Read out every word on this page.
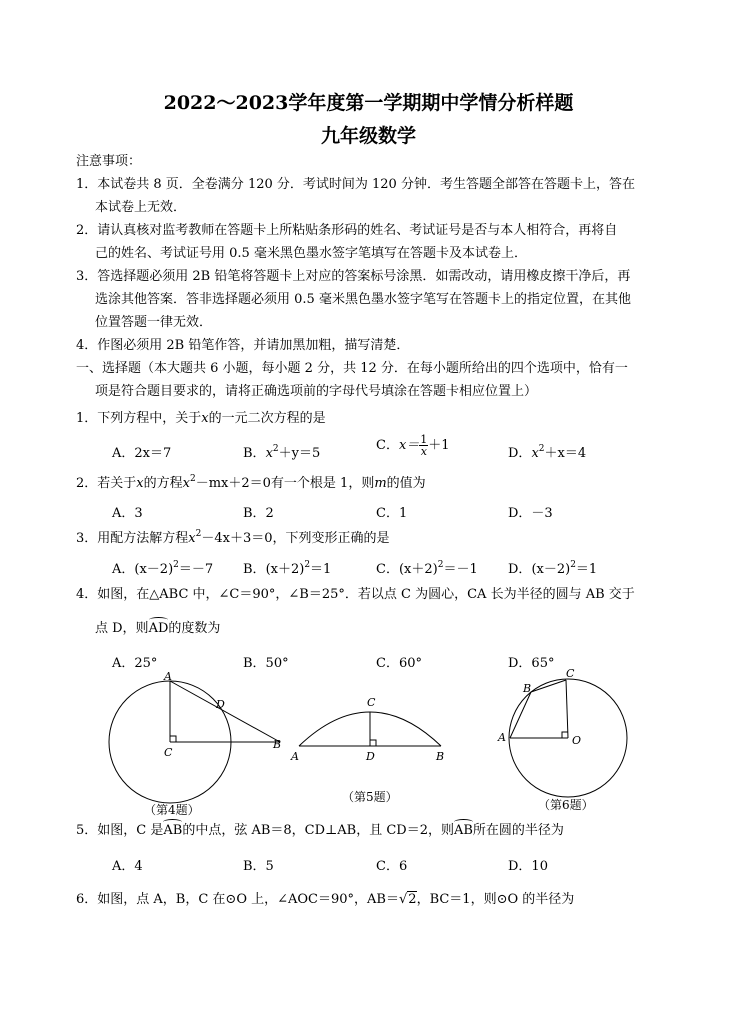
2022～2023学年度第一学期期中学情分析样题
九年级数学
注意事项：
1．本试卷共 8 页．全卷满分 120 分．考试时间为 120 分钟．考生答题全部答在答题卡上，答在
本试卷上无效．
2．请认真核对监考教师在答题卡上所粘贴条形码的姓名、考试证号是否与本人相符合，再将自
己的姓名、考试证号用 0.5 毫米黑色墨水签字笔填写在答题卡及本试卷上．
3．答选择题必须用 2B 铅笔将答题卡上对应的答案标号涂黑．如需改动，请用橡皮擦干净后，再
选涂其他答案．答非选择题必须用 0.5 毫米黑色墨水签字笔写在答题卡上的指定位置，在其他
位置答题一律无效．
4．作图必须用 2B 铅笔作答，并请加黑加粗，描写清楚．
一、选择题（本大题共 6 小题，每小题 2 分，共 12 分．在每小题所给出的四个选项中，恰有一
项是符合题目要求的，请将正确选项前的字母代号填涂在答题卡相应位置上）
1．下列方程中，关于x的一元二次方程的是
A．2x＝7	B．$x^2+y=5$
C．$x= \frac{1}{x} +1$
D．$x^2+x=4$
2．若关于x的方程$x^2-mx+2=0$有一个根是 1，则m的值为
A．3	B．2	C．1	D．－3
3．用配方法解方程$x^2-4x+3=0$，下列变形正确的是
A．$(x-2)^2=-7$ B．$(x+2)^2=1$	C．$(x+2)^2=-1$ D．$(x-2)^2=1$
4．如图，在△ABC 中，∠C＝90°，∠B＝25°．若以点 C 为圆心，CA 长为半径的圆与 AB 交于
点 D，则AD的度数为
A．25°	B．50°	C．60°	D．65°
A
D
C
B
（第4题）
C
A	D	B
（第5题）
C
B
A	O
（第6题）
5．如图，C 是AB的中点，弦 AB＝8，CD⊥AB，且 CD＝2，则AB所在圆的半径为
A．4	B．5	C．6	D．10
6．如图，点 A，B，C 在⊙O 上，∠AOC＝90°，AB＝√2，BC＝1，则⊙O 的半径为
